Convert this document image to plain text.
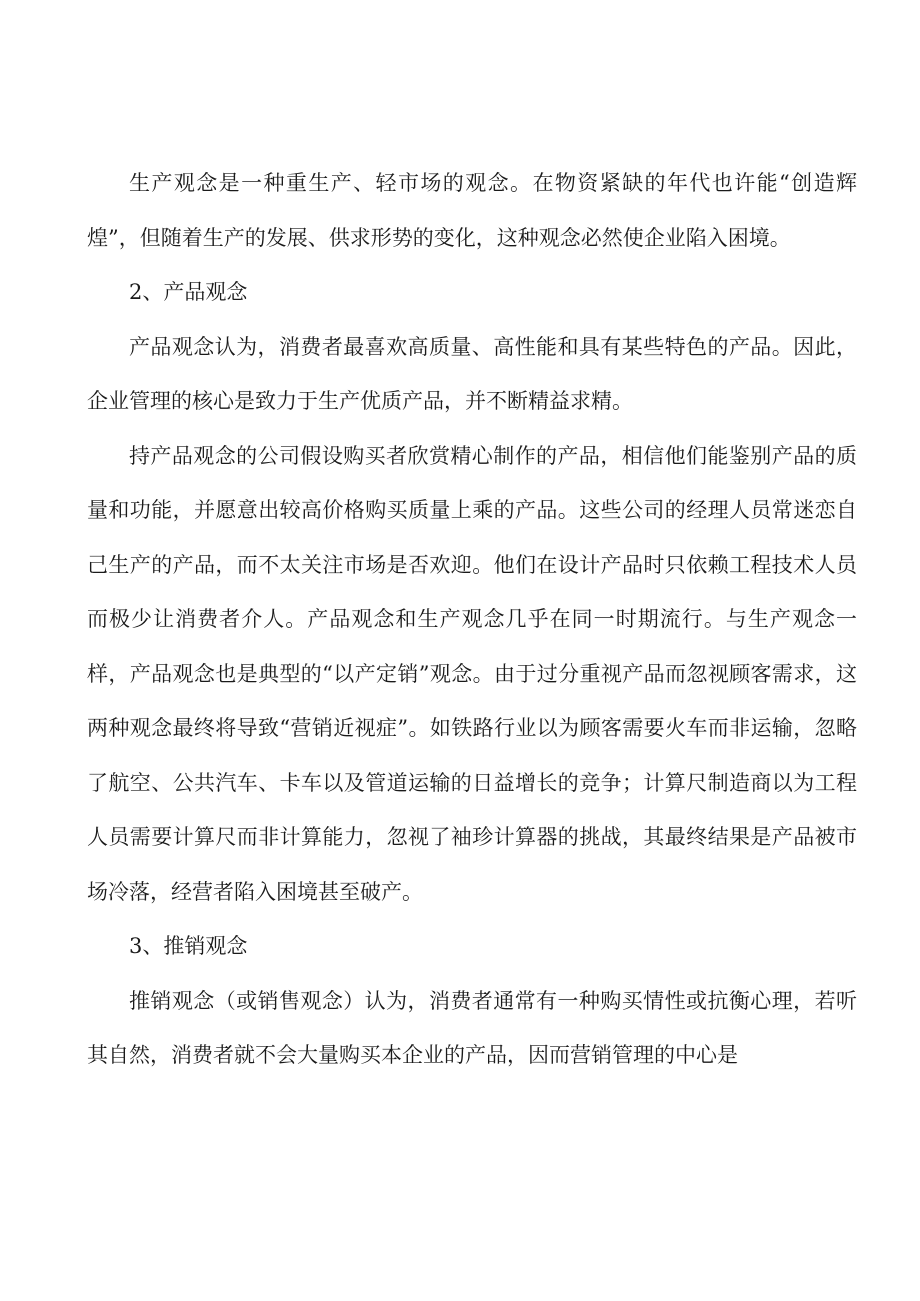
生产观念是一种重生产、轻市场的观念。在物资紧缺的年代也许能“创造辉煌”，但随着生产的发展、供求形势的变化，这种观念必然使企业陷入困境。

2、产品观念

产品观念认为，消费者最喜欢高质量、高性能和具有某些特色的产品。因此，企业管理的核心是致力于生产优质产品，并不断精益求精。

持产品观念的公司假设购买者欣赏精心制作的产品，相信他们能鉴别产品的质量和功能，并愿意出较高价格购买质量上乘的产品。这些公司的经理人员常迷恋自己生产的产品，而不太关注市场是否欢迎。他们在设计产品时只依赖工程技术人员而极少让消费者介人。产品观念和生产观念几乎在同一时期流行。与生产观念一样，产品观念也是典型的“以产定销”观念。由于过分重视产品而忽视顾客需求，这两种观念最终将导致“营销近视症”。如铁路行业以为顾客需要火车而非运输，忽略了航空、公共汽车、卡车以及管道运输的日益增长的竞争；计算尺制造商以为工程人员需要计算尺而非计算能力，忽视了袖珍计算器的挑战，其最终结果是产品被市场冷落，经营者陷入困境甚至破产。

3、推销观念

推销观念（或销售观念）认为，消费者通常有一种购买情性或抗衡心理，若听其自然，消费者就不会大量购买本企业的产品，因而营销管理的中心是
